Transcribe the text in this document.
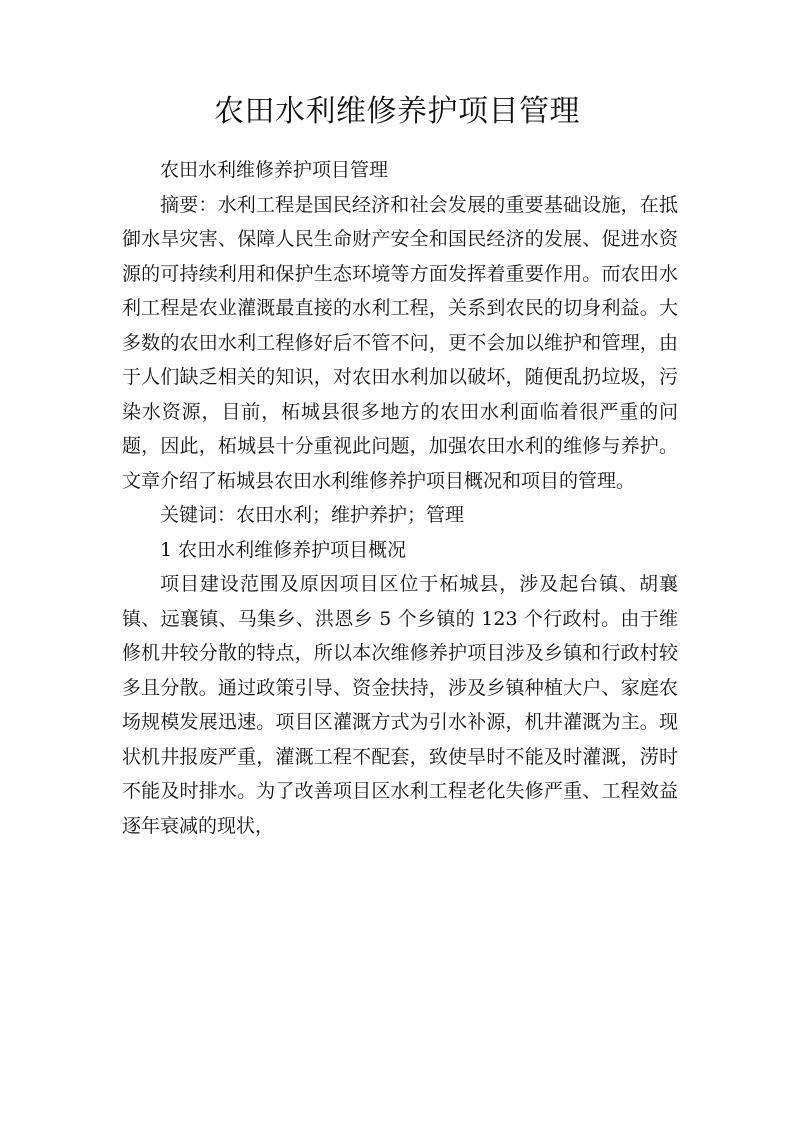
农田水利维修养护项目管理

农田水利维修养护项目管理

摘要：水利工程是国民经济和社会发展的重要基础设施，在抵御水旱灾害、保障人民生命财产安全和国民经济的发展、促进水资源的可持续利用和保护生态环境等方面发挥着重要作用。而农田水利工程是农业灌溉最直接的水利工程，关系到农民的切身利益。大多数的农田水利工程修好后不管不问，更不会加以维护和管理，由于人们缺乏相关的知识，对农田水利加以破坏，随便乱扔垃圾，污染水资源，目前，柘城县很多地方的农田水利面临着很严重的问题，因此，柘城县十分重视此问题，加强农田水利的维修与养护。文章介绍了柘城县农田水利维修养护项目概况和项目的管理。

关键词：农田水利；维护养护；管理

1 农田水利维修养护项目概况

项目建设范围及原因项目区位于柘城县，涉及起台镇、胡襄镇、远襄镇、马集乡、洪恩乡 5 个乡镇的 123 个行政村。由于维修机井较分散的特点，所以本次维修养护项目涉及乡镇和行政村较多且分散。通过政策引导、资金扶持，涉及乡镇种植大户、家庭农场规模发展迅速。项目区灌溉方式为引水补源，机井灌溉为主。现状机井报废严重，灌溉工程不配套，致使旱时不能及时灌溉，涝时不能及时排水。为了改善项目区水利工程老化失修严重、工程效益逐年衰减的现状，
